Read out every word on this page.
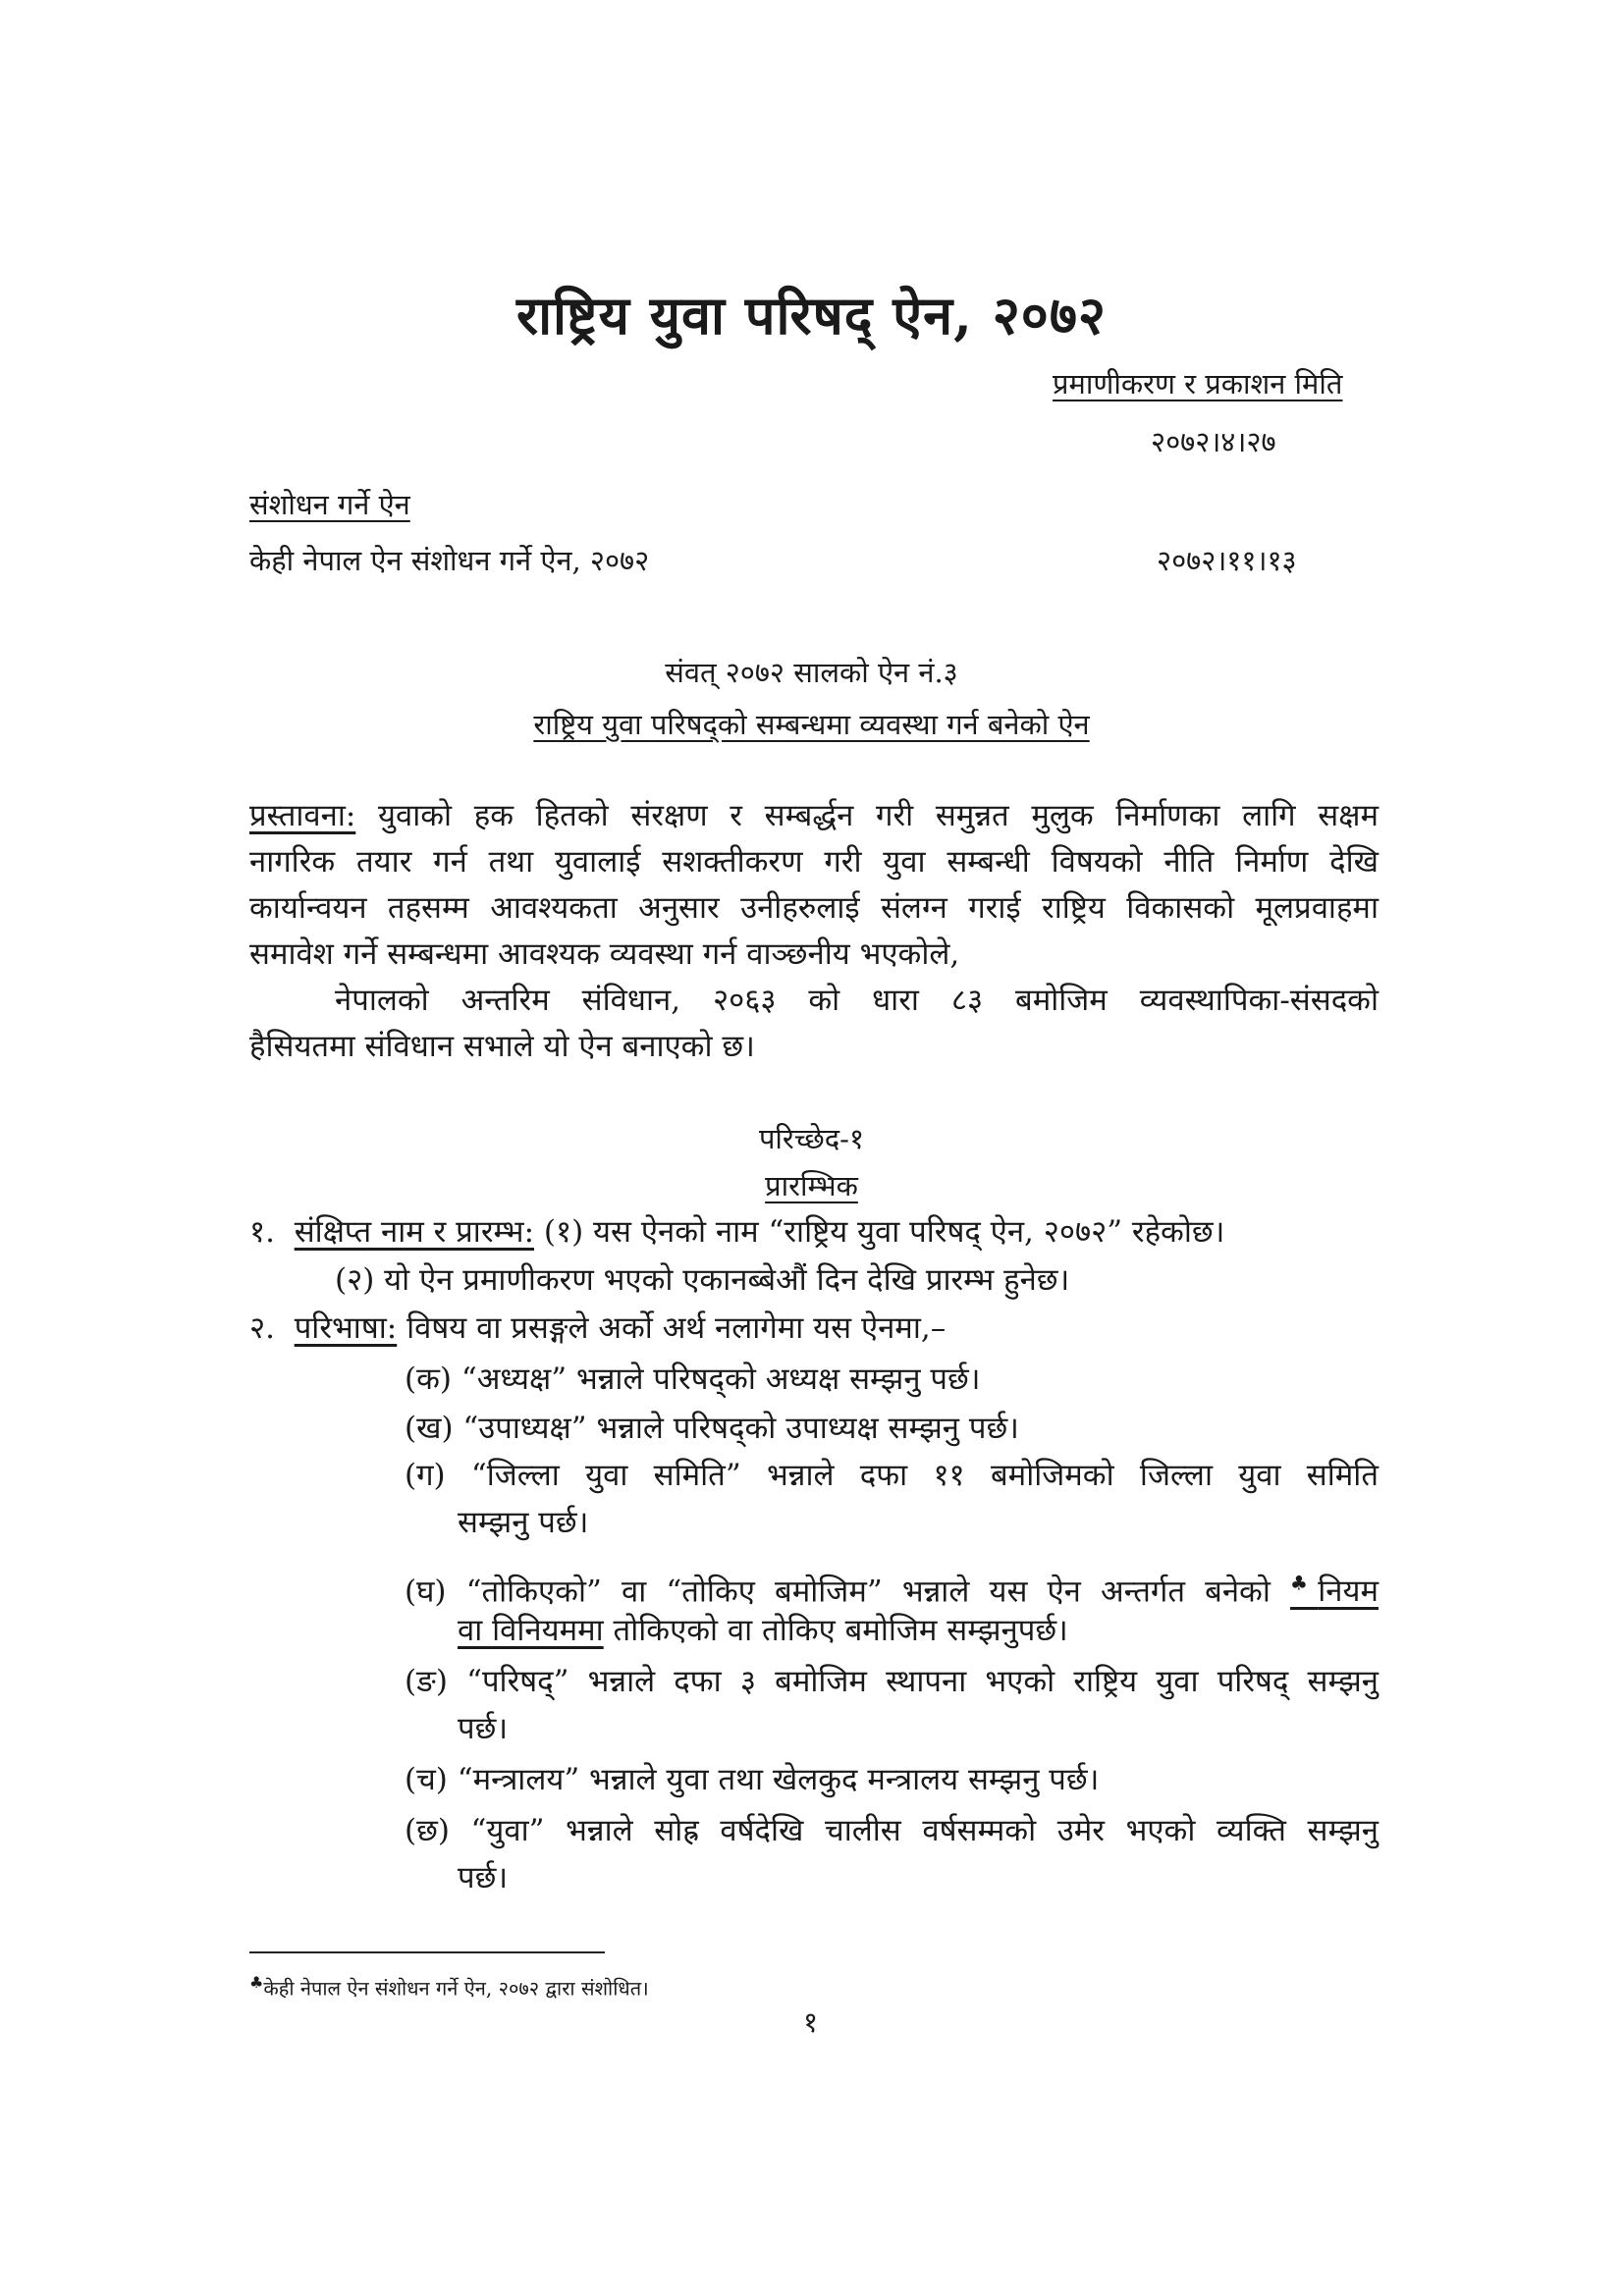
राष्ट्रिय युवा परिषद् ऐन, २०७२
प्रमाणीकरण र प्रकाशन मिति
२०७२।४।२७
संशोधन गर्ने ऐन
केही नेपाल ऐन संशोधन गर्ने ऐन, २०७२	२०७२।११।१३
संवत् २०७२ सालको ऐन नं.३
राष्ट्रिय युवा परिषद्को सम्बन्धमा व्यवस्था गर्न बनेको ऐन
प्रस्तावना: युवाको हक हितको संरक्षण र सम्बर्द्धन गरी समुन्नत मुलुक निर्माणका लागि सक्षम
नागरिक तयार गर्न तथा युवालाई सशक्तीकरण गरी युवा सम्बन्धी विषयको नीति निर्माण देखि
कार्यान्वयन तहसम्म आवश्यकता अनुसार उनीहरुलाई संलग्न गराई राष्ट्रिय विकासको मूलप्रवाहमा
समावेश गर्ने सम्बन्धमा आवश्यक व्यवस्था गर्न वाञ्छनीय भएकोले,
नेपालको अन्तरिम संविधान, २०६३ को धारा ८३ बमोजिम व्यवस्थापिका-संसदको
हैसियतमा संविधान सभाले यो ऐन बनाएको छ।
परिच्छेद-१
प्रारम्भिक
१. संक्षिप्त नाम र प्रारम्भ: (१) यस ऐनको नाम “राष्ट्रिय युवा परिषद् ऐन, २०७२” रहेकोछ।
(२) यो ऐन प्रमाणीकरण भएको एकानब्बेऔं दिन देखि प्रारम्भ हुनेछ।
२. परिभाषा: विषय वा प्रसङ्गले अर्को अर्थ नलागेमा यस ऐनमा,–
(क) “अध्यक्ष” भन्नाले परिषद्को अध्यक्ष सम्झनु पर्छ।
(ख) “उपाध्यक्ष” भन्नाले परिषद्को उपाध्यक्ष सम्झनु पर्छ।
(ग) “जिल्ला युवा समिति” भन्नाले दफा ११ बमोजिमको जिल्ला युवा समिति
सम्झनु पर्छ।
(घ) “तोकिएको” वा “तोकिए बमोजिम” भन्नाले यस ऐन अन्तर्गत बनेको ♣नियम
वा विनियममा तोकिएको वा तोकिए बमोजिम सम्झनुपर्छ।
(ङ) “परिषद्” भन्नाले दफा ३ बमोजिम स्थापना भएको राष्ट्रिय युवा परिषद् सम्झनु
पर्छ।
(च) “मन्त्रालय” भन्नाले युवा तथा खेलकुद मन्त्रालय सम्झनु पर्छ।
(छ) “युवा” भन्नाले सोह्र वर्षदेखि चालीस वर्षसम्मको उमेर भएको व्यक्ति सम्झनु
पर्छ।
♣केही नेपाल ऐन संशोधन गर्ने ऐन, २०७२ द्वारा संशोधित।
१
